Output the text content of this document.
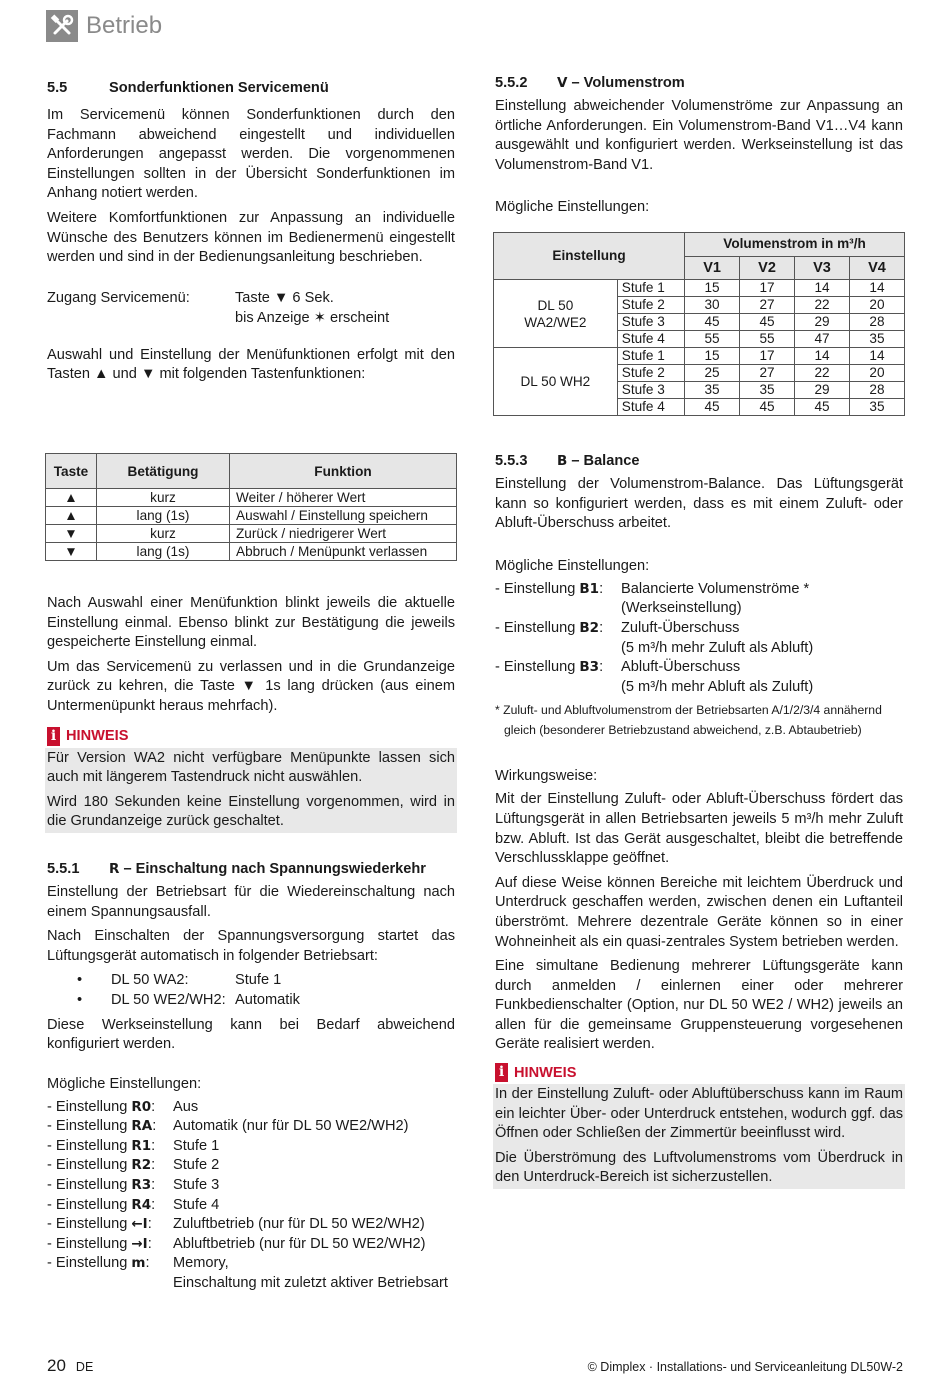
Betrieb
5.5	Sonderfunktionen Servicemenü

Im Servicemenü können Sonderfunktionen durch den Fachmann abweichend eingestellt und individuellen Anforderungen angepasst werden. Die vorgenommenen Einstellungen sollten in der Übersicht Sonderfunktionen im Anhang notiert werden.

Weitere Komfortfunktionen zur Anpassung an individuelle Wünsche des Benutzers können im Bedienermenü eingestellt werden und sind in der Bedienungsanleitung beschrieben.

Zugang Servicemenü:	Taste ▼ 6 Sek.
bis Anzeige ✶ erscheint

Auswahl und Einstellung der Menüfunktionen erfolgt mit den Tasten ▲ und ▼ mit folgenden Tastenfunktionen:

Taste	Betätigung	Funktion
▲	kurz	Weiter / höherer Wert
▲	lang (1s)	Auswahl / Einstellung speichern
▼	kurz	Zurück / niedrigerer Wert
▼	lang (1s)	Abbruch / Menüpunkt verlassen

Nach Auswahl einer Menüfunktion blinkt jeweils die aktuelle Einstellung einmal. Ebenso blinkt zur Bestätigung die jeweils gespeicherte Einstellung einmal.

Um das Servicemenü zu verlassen und in die Grundanzeige zurück zu kehren, die Taste ▼ 1s lang drücken (aus einem Untermenüpunkt heraus mehrfach).

i HINWEIS

Für Version WA2 nicht verfügbare Menüpunkte lassen sich auch mit längerem Tastendruck nicht auswählen.

Wird 180 Sekunden keine Einstellung vorgenommen, wird in die Grundanzeige zurück geschaltet.

5.5.1 R – Einschaltung nach Spannungswiederkehr

Einstellung der Betriebsart für die Wiedereinschaltung nach einem Spannungsausfall.

Nach Einschalten der Spannungsversorgung startet das Lüftungsgerät automatisch in folgender Betriebsart:

•	DL 50 WA2:	Stufe 1
•	DL 50 WE2/WH2: Automatik

Diese Werkseinstellung kann bei Bedarf abweichend konfiguriert werden.

Mögliche Einstellungen:
- Einstellung R0:	Aus
- Einstellung RA:	Automatik (nur für DL 50 WE2/WH2)
- Einstellung R1:	Stufe 1
- Einstellung R2:	Stufe 2
- Einstellung R3:	Stufe 3
- Einstellung R4:	Stufe 4
- Einstellung ←I:	Zuluftbetrieb (nur für DL 50 WE2/WH2)
- Einstellung →I:	Abluftbetrieb (nur für DL 50 WE2/WH2)
- Einstellung m:	Memory,
Einschaltung mit zuletzt aktiver Betriebsart
5.5.2 V – Volumenstrom

Einstellung abweichender Volumenströme zur Anpassung an örtliche Anforderungen. Ein Volumenstrom-Band V1…V4 kann ausgewählt und konfiguriert werden. Werkseinstellung ist das Volumenstrom-Band V1.

Mögliche Einstellungen:
Einstellung		Volumenstrom in m³/h			
		V1	V2	V3	V4
DL 50 WA2/WE2	Stufe 1	15	17	14	14
	Stufe 2	30	27	22	20
	Stufe 3	45	45	29	28
	Stufe 4	55	55	47	35
DL 50 WH2	Stufe 1	15	17	14	14
	Stufe 2	25	27	22	20
	Stufe 3	35	35	29	28
	Stufe 4	45	45	45	35
5.5.3 B – Balance

Einstellung der Volumenstrom-Balance. Das Lüftungsgerät kann so konfiguriert werden, dass es mit einem Zuluft- oder Abluft-Überschuss arbeitet.

Mögliche Einstellungen:
- Einstellung B1:	Balancierte Volumenströme *
(Werkseinstellung)
- Einstellung B2:	Zuluft-Überschuss
(5 m³/h mehr Zuluft als Abluft)
- Einstellung B3:	Abluft-Überschuss
(5 m³/h mehr Abluft als Zuluft)
* Zuluft- und Abluftvolumenstrom der Betriebsarten A/1/2/3/4 annähernd
gleich (besonderer Betriebzustand abweichend, z.B. Abtaubetrieb)
Wirkungsweise:

Mit der Einstellung Zuluft- oder Abluft-Überschuss fördert das Lüftungsgerät in allen Betriebsarten jeweils 5 m³/h mehr Zuluft bzw. Abluft. Ist das Gerät ausgeschaltet, bleibt die betreffende Verschlussklappe geöffnet.

Auf diese Weise können Bereiche mit leichtem Überdruck und Unterdruck geschaffen werden, zwischen denen ein Luftanteil überströmt. Mehrere dezentrale Geräte können so in einer Wohneinheit als ein quasi-zentrales System betrieben werden.

Eine simultane Bedienung mehrerer Lüftungsgeräte kann durch anmelden / einlernen einer oder mehrerer Funkbedienschalter (Option, nur DL 50 WE2 / WH2) jeweils an allen für die gemeinsame Gruppensteuerung vorgesehenen Geräte realisiert werden.

i HINWEIS

In der Einstellung Zuluft- oder Abluftüberschuss kann im Raum ein leichter Über- oder Unterdruck entstehen, wodurch ggf. das Öffnen oder Schließen der Zimmertür beeinflusst wird.

Die Überströmung des Luftvolumenstroms vom Überdruck in den Unterdruck-Bereich ist sicherzustellen.

20 DE	© Dimplex · Installations- und Serviceanleitung DL50W-2
